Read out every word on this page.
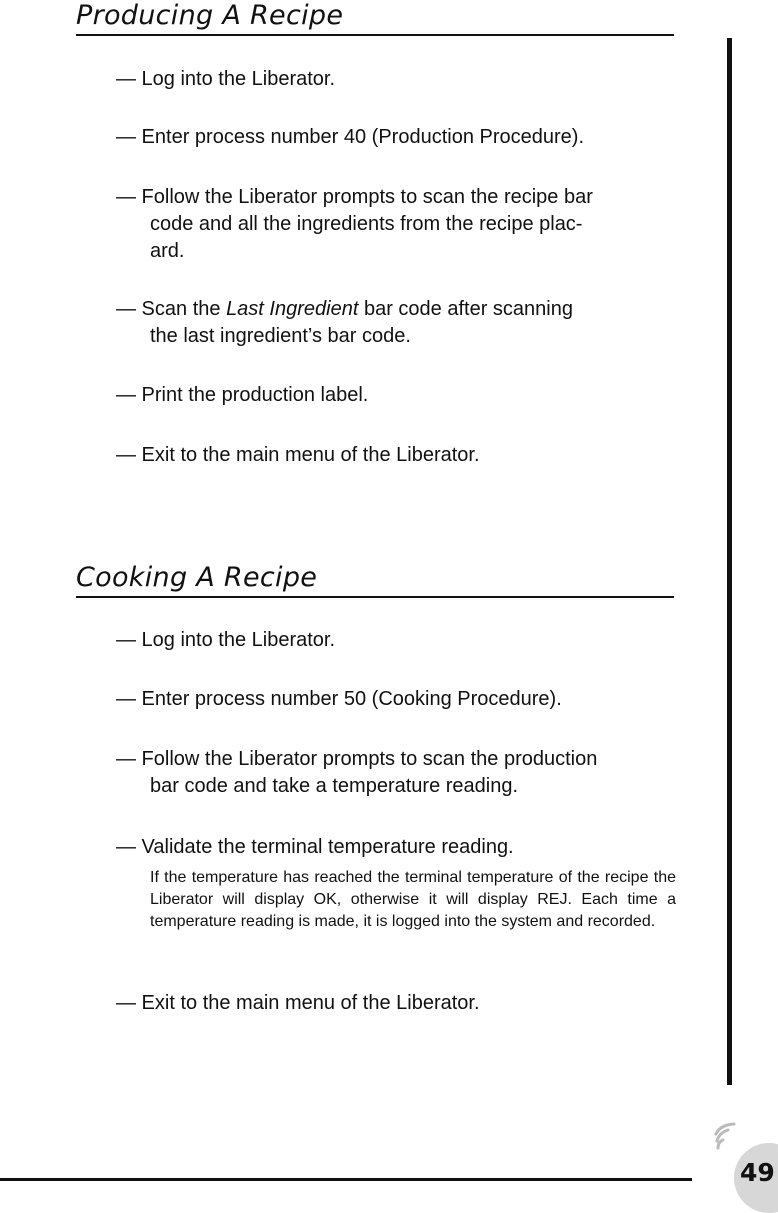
Producing A Recipe
— Log into the Liberator.
— Enter process number 40 (Production Procedure).
— Follow the Liberator prompts to scan the recipe bar
code and all the ingredients from the recipe plac-
ard.
— Scan the Last Ingredient bar code after scanning
the last ingredient’s bar code.
— Print the production label.
— Exit to the main menu of the Liberator.
Cooking A Recipe
— Log into the Liberator.
— Enter process number 50 (Cooking Procedure).
— Follow the Liberator prompts to scan the production
bar code and take a temperature reading.
— Validate the terminal temperature reading.
If the temperature has reached the terminal temperature of the recipe the Liberator will display OK, otherwise it will display REJ. Each time a temperature reading is made, it is logged into the system and recorded.
— Exit to the main menu of the Liberator.
49
